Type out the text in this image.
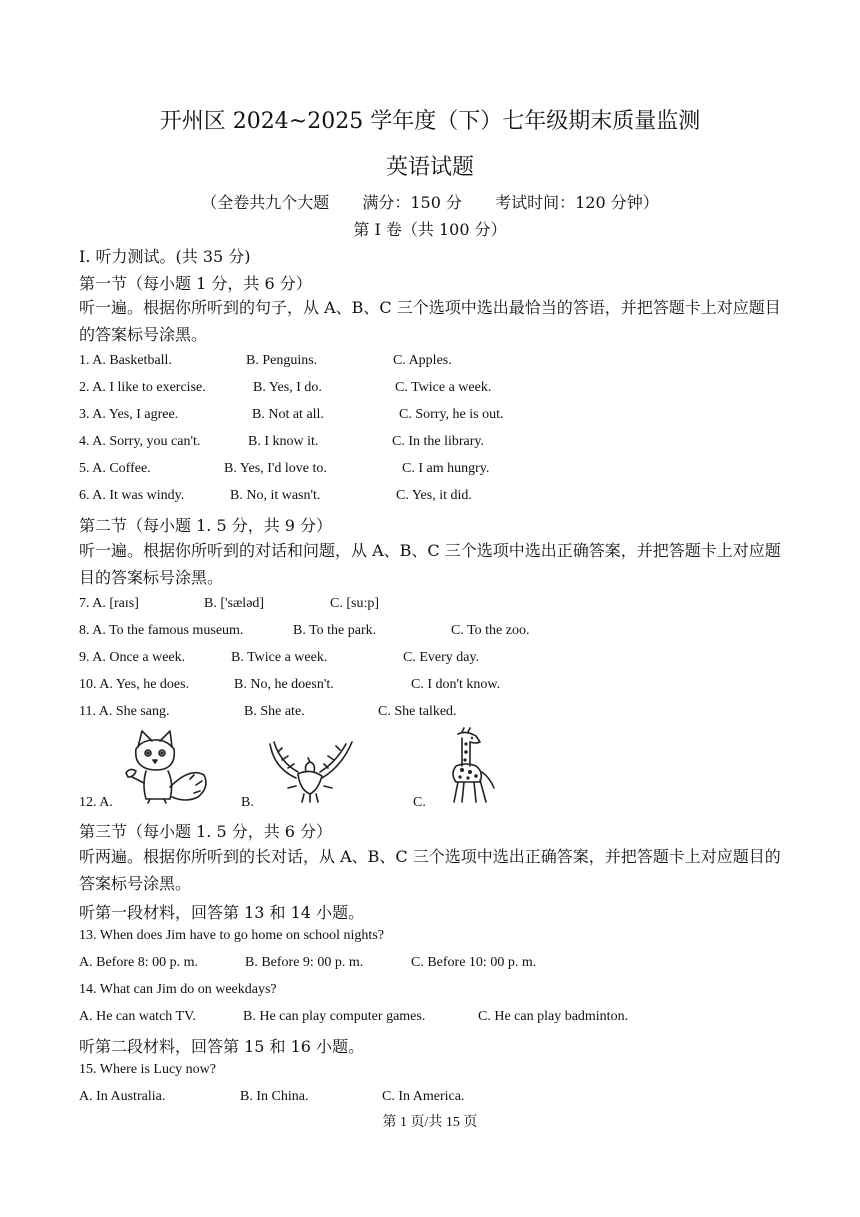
开州区 2024~2025 学年度（下）七年级期末质量监测
英语试题
（全卷共九个大题 满分：150 分 考试时间：120 分钟）
第 I 卷（共 100 分）
I. 听力测试。(共 35 分)
第一节（每小题 1 分，共 6 分）
听一遍。根据你所听到的句子，从 A、B、C 三个选项中选出最恰当的答语，并把答题卡上对应题目的答案标号涂黑。
1. A. Basketball.	B. Penguins.	C. Apples.
2. A. I like to exercise.	B. Yes, I do.	C. Twice a week.
3. A. Yes, I agree.	B. Not at all.	C. Sorry, he is out.
4. A. Sorry, you can't.	B. I know it.	C. In the library.
5. A. Coffee.	B. Yes, I'd love to.	C. I am hungry.
6. A. It was windy.	B. No, it wasn't.	C. Yes, it did.
第二节（每小题 1. 5 分，共 9 分）
听一遍。根据你所听到的对话和问题，从 A、B、C 三个选项中选出正确答案，并把答题卡上对应题目的答案标号涂黑。
7. A. [raɪs]	B. ['sæləd]	C. [suːp]
8. A. To the famous museum.	B. To the park.	C. To the zoo.
9. A. Once a week.	B. Twice a week.	C. Every day.
10. A. Yes, he does.	B. No, he doesn't.	C. I don't know.
11. A. She sang.	B. She ate.	C. She talked.
12. A.	B.	C.
第三节（每小题 1. 5 分，共 6 分）
听两遍。根据你所听到的长对话，从 A、B、C 三个选项中选出正确答案，并把答题卡上对应题目的答案标号涂黑。
听第一段材料，回答第 13 和 14 小题。
13. When does Jim have to go home on school nights?
A. Before 8: 00 p. m.	B. Before 9: 00 p. m.	C. Before 10: 00 p. m.
14. What can Jim do on weekdays?
A. He can watch TV.	B. He can play computer games.	C. He can play badminton.
听第二段材料，回答第 15 和 16 小题。
15. Where is Lucy now?
A. In Australia.	B. In China.	C. In America.
第 1 页/共 15 页
